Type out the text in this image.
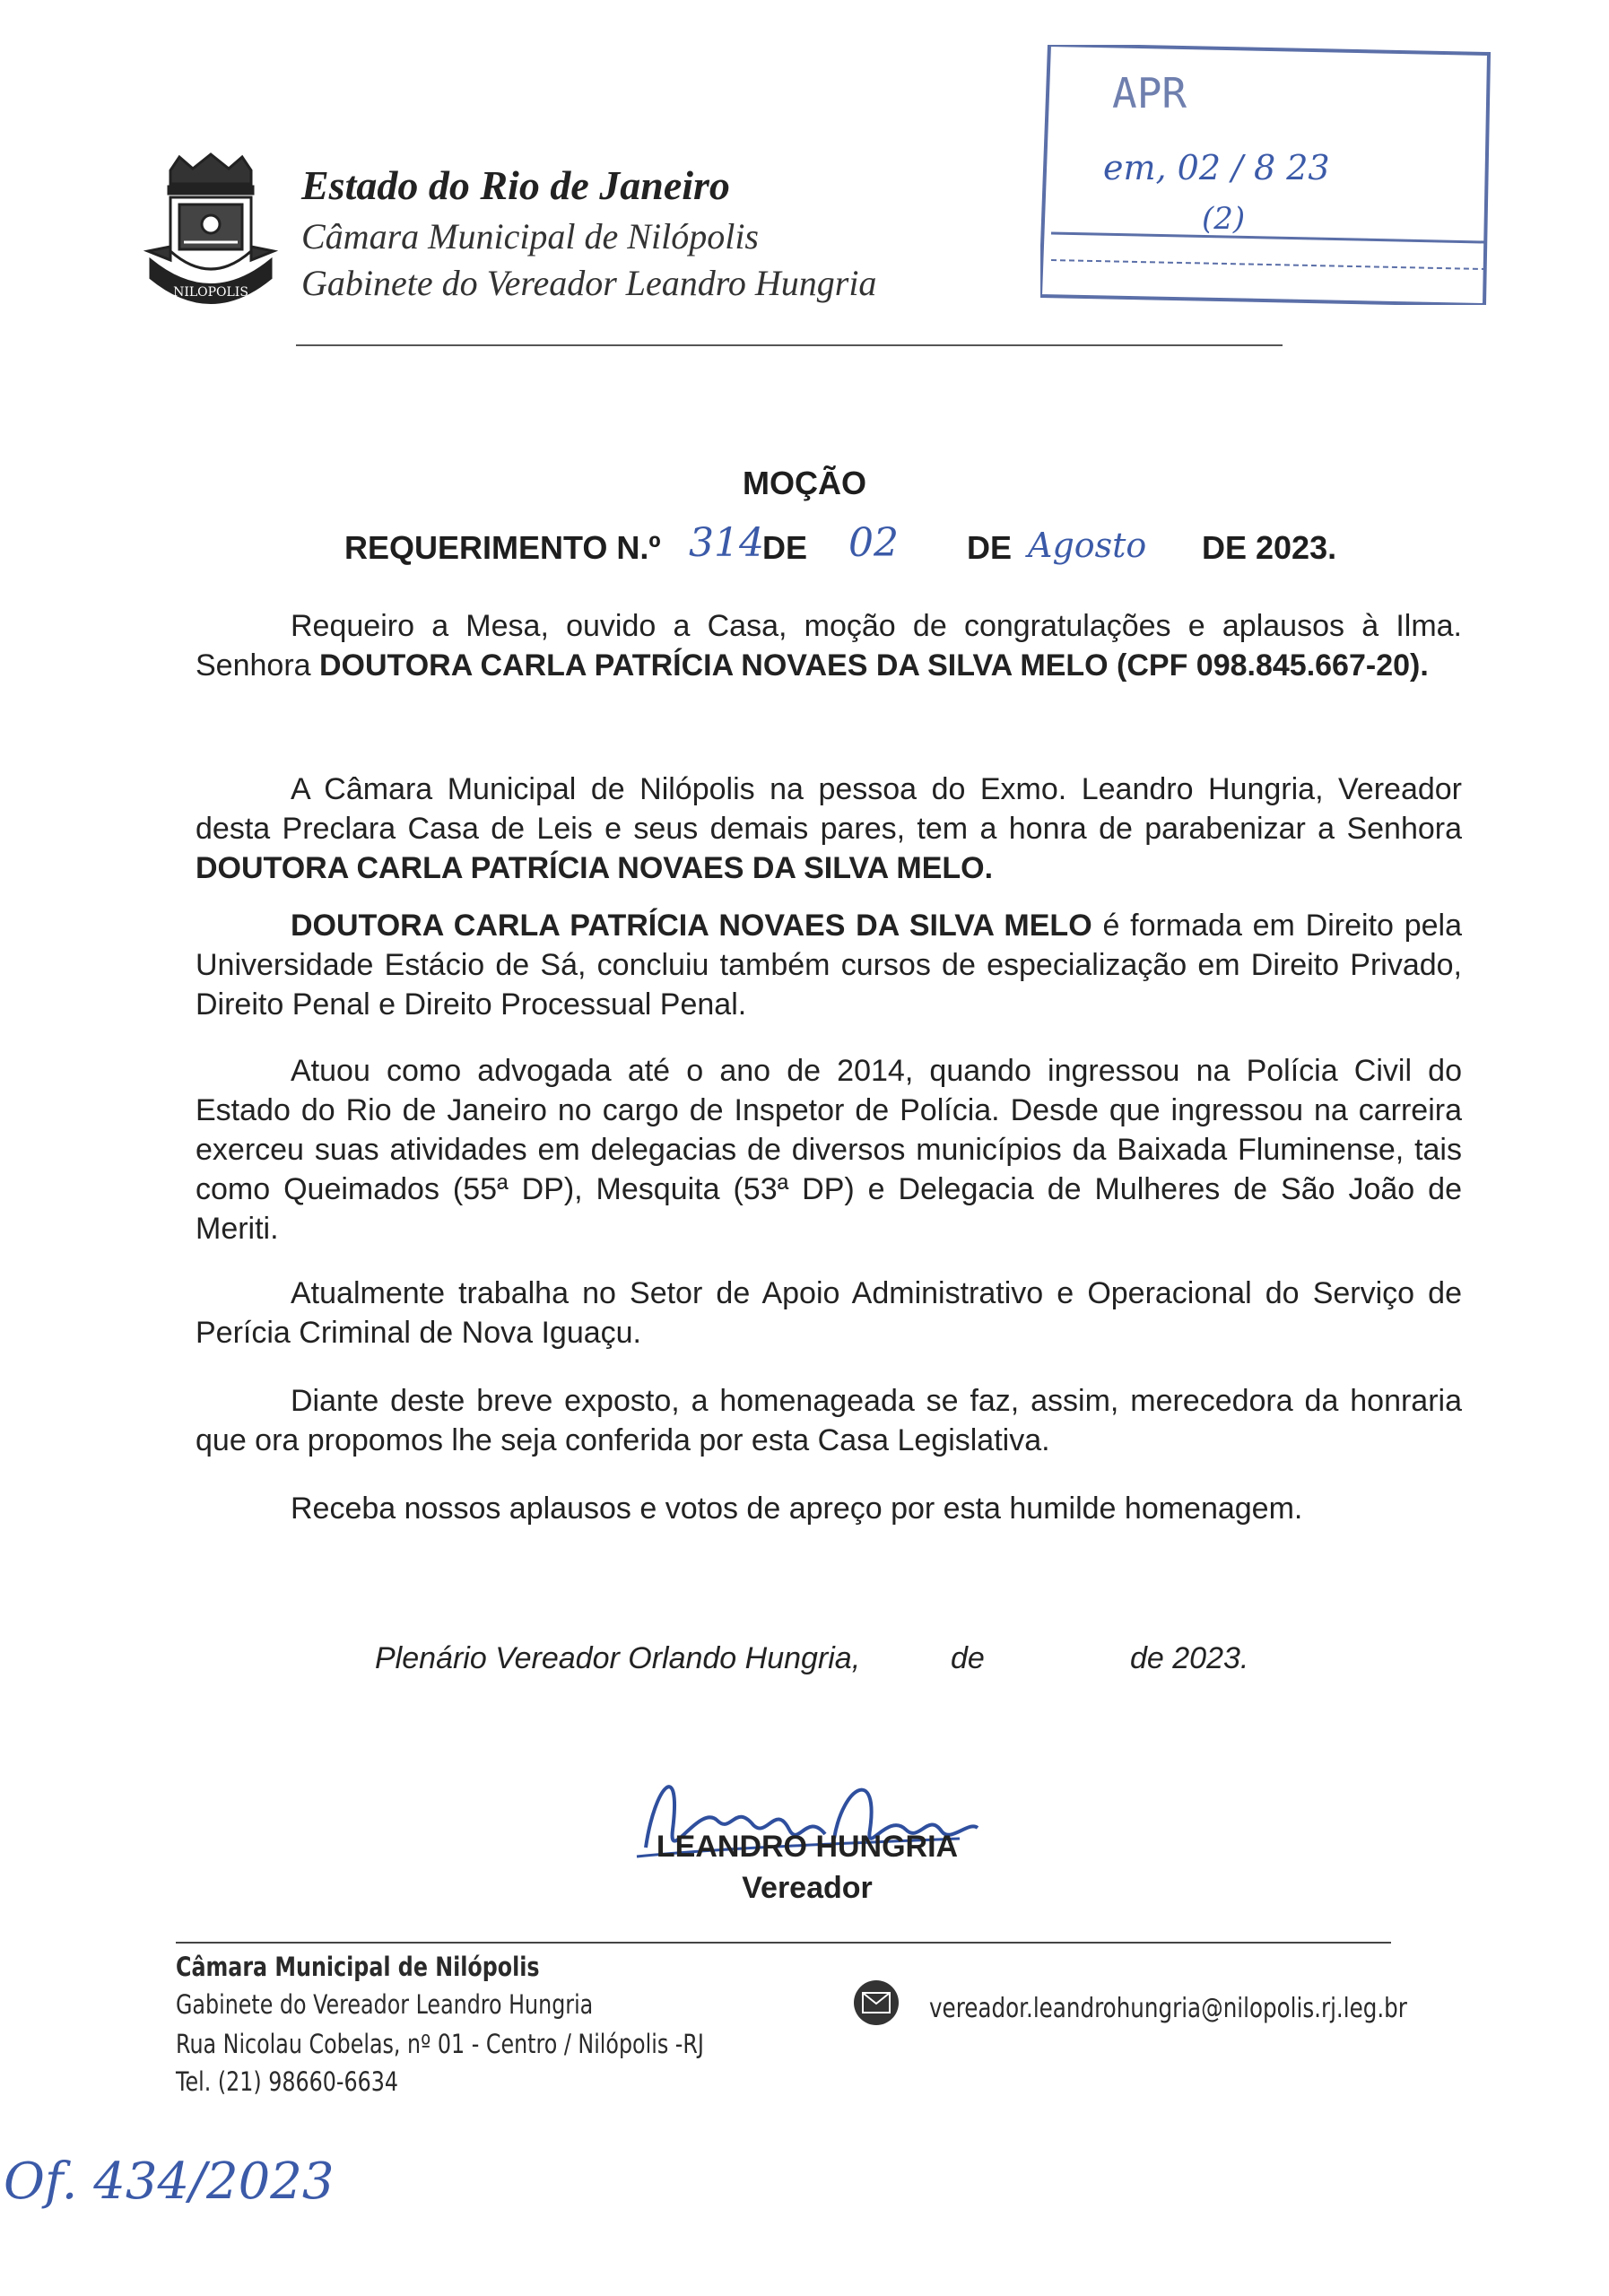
NILOPOLIS
Estado do Rio de Janeiro
Câmara Municipal de Nilópolis
Gabinete do Vereador Leandro Hungria
APR
em, 02 / 8 23
(2)
MOÇÃO
REQUERIMENTO N.º 314
DE 02 DE Agosto DE 2023.
Requeiro a Mesa, ouvido a Casa, moção de congratulações e aplausos à Ilma. Senhora DOUTORA CARLA PATRÍCIA NOVAES DA SILVA MELO (CPF 098.845.667-20).
A Câmara Municipal de Nilópolis na pessoa do Exmo. Leandro Hungria, Vereador desta Preclara Casa de Leis e seus demais pares, tem a honra de parabenizar a Senhora DOUTORA CARLA PATRÍCIA NOVAES DA SILVA MELO.
DOUTORA CARLA PATRÍCIA NOVAES DA SILVA MELO é formada em Direito pela Universidade Estácio de Sá, concluiu também cursos de especialização em Direito Privado, Direito Penal e Direito Processual Penal.
Atuou como advogada até o ano de 2014, quando ingressou na Polícia Civil do Estado do Rio de Janeiro no cargo de Inspetor de Polícia. Desde que ingressou na carreira exerceu suas atividades em delegacias de diversos municípios da Baixada Fluminense, tais como Queimados (55ª DP), Mesquita (53ª DP) e Delegacia de Mulheres de São João de Meriti.
Atualmente trabalha no Setor de Apoio Administrativo e Operacional do Serviço de Perícia Criminal de Nova Iguaçu.
Diante deste breve exposto, a homenageada se faz, assim, merecedora da honraria que ora propomos lhe seja conferida por esta Casa Legislativa.
Receba nossos aplausos e votos de apreço por esta humilde homenagem.
Plenário Vereador Orlando Hungria,	de	de 2023.
LEANDRO HUNGRIA
Vereador
Câmara Municipal de Nilópolis
Gabinete do Vereador Leandro Hungria
Rua Nicolau Cobelas, nº 01 - Centro / Nilópolis -RJ
Tel. (21) 98660-6634
vereador.leandrohungria@nilopolis.rj.leg.br
Of. 434/2023
